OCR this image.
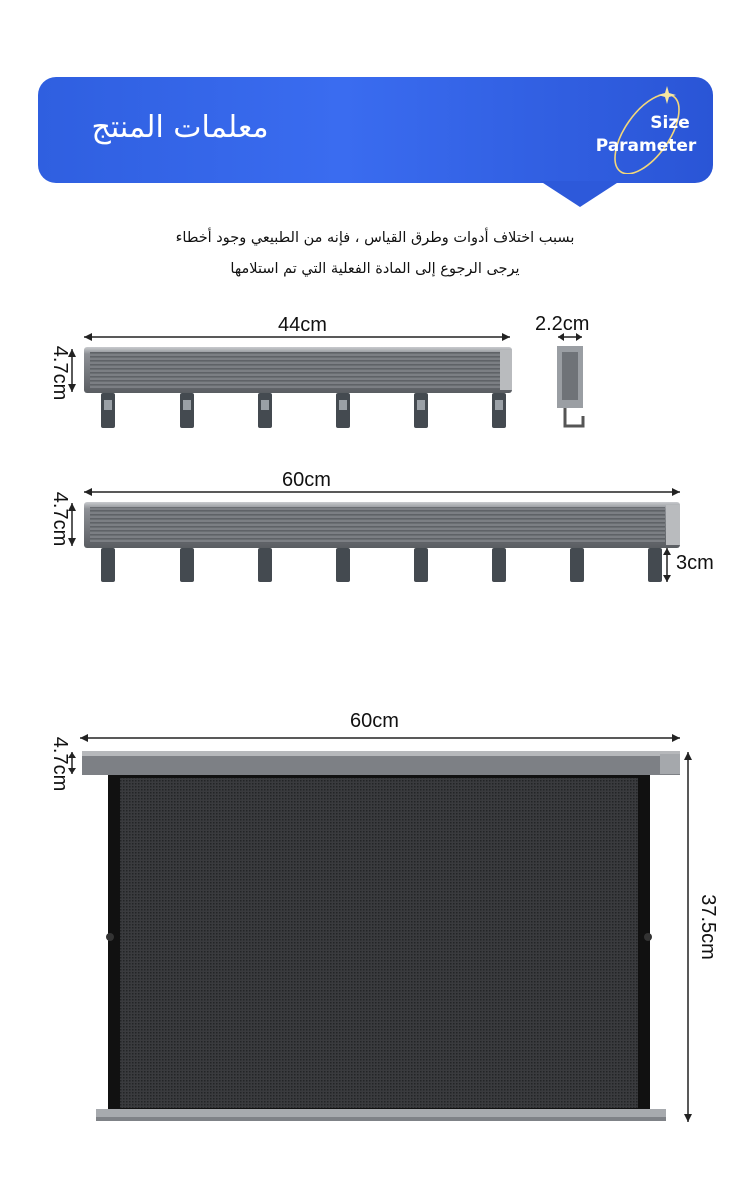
معلمات المنتج	Size
Parameter
بسبب اختلاف أدوات وطرق القياس ، فإنه من الطبيعي وجود أخطاء
يرجى الرجوع إلى المادة الفعلية التي تم استلامها
44cm	2.2cm
4.7cm
60cm
4.7cm
3cm
60cm
4.7cm
37.5cm
